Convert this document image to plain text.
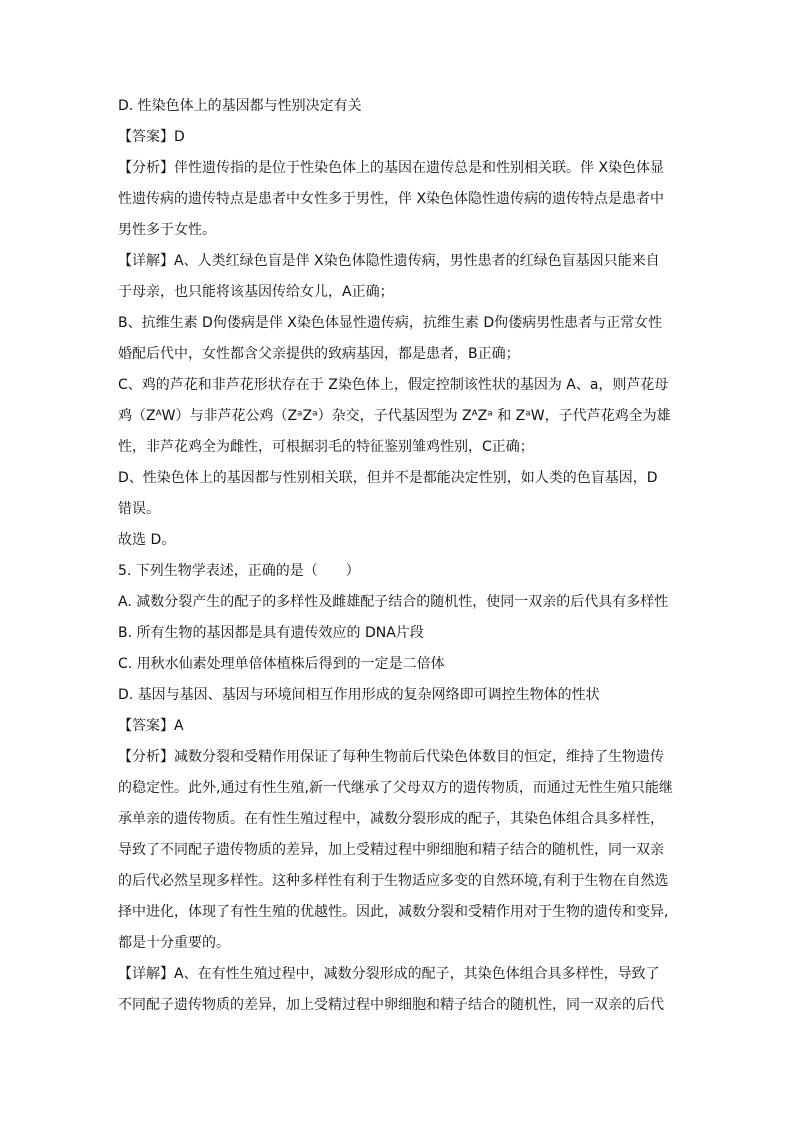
D. 性染色体上的基因都与性别决定有关
【答案】D
【分析】伴性遗传指的是位于性染色体上的基因在遗传总是和性别相关联。伴 X染色体显
性遗传病的遗传特点是患者中女性多于男性，伴 X染色体隐性遗传病的遗传特点是患者中
男性多于女性。
【详解】A、人类红绿色盲是伴 X染色体隐性遗传病，男性患者的红绿色盲基因只能来自
于母亲，也只能将该基因传给女儿，A正确；
B、抗维生素 D佝偻病是伴 X染色体显性遗传病，抗维生素 D佝偻病男性患者与正常女性
婚配后代中，女性都含父亲提供的致病基因，都是患者，B正确；
C、鸡的芦花和非芦花形状存在于 Z染色体上，假定控制该性状的基因为 A、a，则芦花母
鸡（ZᴬW）与非芦花公鸡（ZᵃZᵃ）杂交，子代基因型为 ZᴬZᵃ 和 ZᵃW，子代芦花鸡全为雄
性，非芦花鸡全为雌性，可根据羽毛的特征鉴别雏鸡性别，C正确；
D、性染色体上的基因都与性别相关联，但并不是都能决定性别，如人类的色盲基因，D
错误。
故选 D。
5. 下列生物学表述，正确的是（　　）
A. 减数分裂产生的配子的多样性及雌雄配子结合的随机性，使同一双亲的后代具有多样性
B. 所有生物的基因都是具有遗传效应的 DNA片段
C. 用秋水仙素处理单倍体植株后得到的一定是二倍体
D. 基因与基因、基因与环境间相互作用形成的复杂网络即可调控生物体的性状
【答案】A
【分析】减数分裂和受精作用保证了每种生物前后代染色体数目的恒定，维持了生物遗传
的稳定性。此外,通过有性生殖,新一代继承了父母双方的遗传物质，而通过无性生殖只能继
承单亲的遗传物质。在有性生殖过程中，减数分裂形成的配子，其染色体组合具多样性，
导致了不同配子遗传物质的差异，加上受精过程中卵细胞和精子结合的随机性，同一双亲
的后代必然呈现多样性。这种多样性有利于生物适应多变的自然环境,有利于生物在自然选
择中进化，体现了有性生殖的优越性。因此，减数分裂和受精作用对于生物的遗传和变异,
都是十分重要的。
【详解】A、在有性生殖过程中，减数分裂形成的配子，其染色体组合具多样性，导致了
不同配子遗传物质的差异，加上受精过程中卵细胞和精子结合的随机性，同一双亲的后代
